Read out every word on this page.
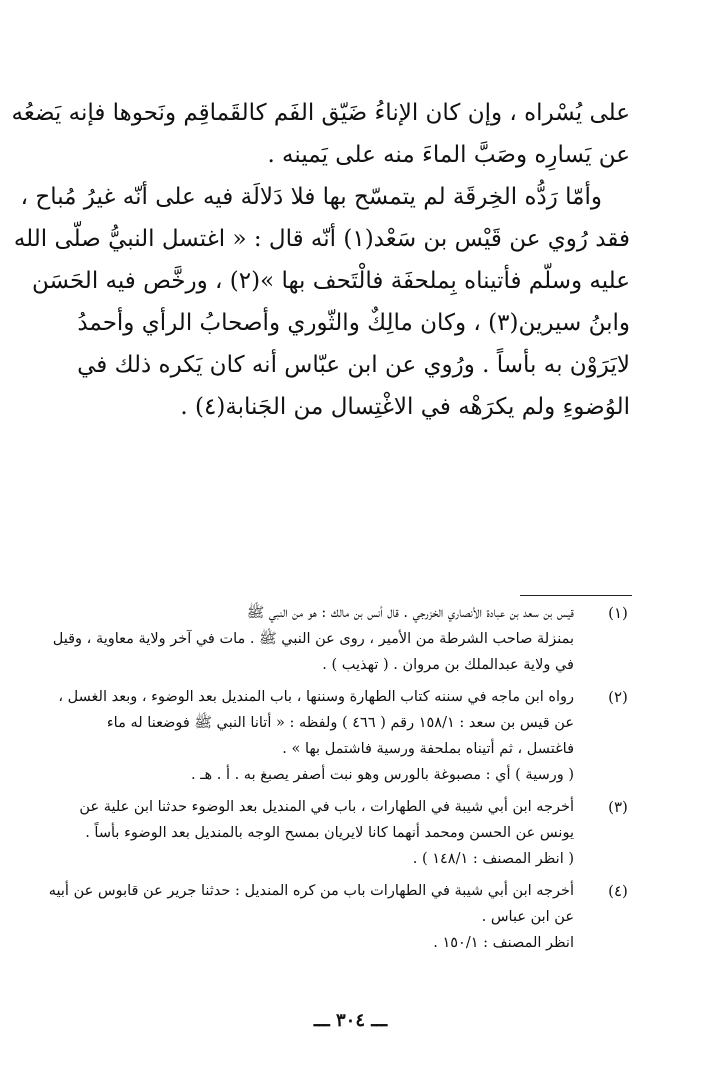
على يُسْراه ، وإن كان الإناءُ ضَيّق الفَم كالقَماقِم ونَحوها فإنه يَضعُه
عن يَسارِه وصَبَّ الماءَ منه على يَمينه .
وأمّا رَدُّه الخِرقَة لم يتمسّح بها فلا دَلالَة فيه على أنّه غيرُ مُباح ،
فقد رُوي عن قَيْس بن سَعْد(١) أنّه قال : « اغتسل النبيُّ صلّى الله
عليه وسلّم فأتيناه بِملحفَة فالْتَحف بها »(٢) ، ورخَّص فيه الحَسَن
وابنُ سيرين(٣) ، وكان مالِكٌ والثّوري وأصحابُ الرأي وأحمدُ
لايَرَوْن به بأساً . ورُوي عن ابن عبّاس أنه كان يَكره ذلك في
الوُضوءِ ولم يكرَهْه في الاغْتِسال من الجَنابة(٤) .
(١)
قيس بن سعد بن عبادة الأنصاري الخزرجي . قال أنس بن مالك : هو من النبي ﷺ
بمنزلة صاحب الشرطة من الأمير ، روى عن النبي ﷺ . مات في آخر ولاية معاوية ، وقيل
في ولاية عبدالملك بن مروان . ( تهذيب ) .
(٢)
رواه ابن ماجه في سننه كتاب الطهارة وسننها ، باب المنديل بعد الوضوء ، وبعد الغسل ،
عن قيس بن سعد : ١٥٨/١ رقم ( ٤٦٦ ) ولفظه : « أتانا النبي ﷺ فوضعنا له ماء
فاغتسل ، ثم أتيناه بملحفة ورسية فاشتمل بها » .
( ورسية ) أي : مصبوغة بالورس وهو نبت أصفر يصبغ به . أ . هـ .
(٣)
أخرجه ابن أبي شيبة في الطهارات ، باب في المنديل بعد الوضوء حدثنا ابن علية عن
يونس عن الحسن ومحمد أنهما كانا لايريان بمسح الوجه بالمنديل بعد الوضوء بأساً .
( انظر المصنف : ١٤٨/١ ) .
(٤)
أخرجه ابن أبي شيبة في الطهارات باب من كره المنديل : حدثنا جرير عن قابوس عن أبيه
عن ابن عباس .
انظر المصنف : ١٥٠/١ .
ـــ ٣٠٤ ـــ
